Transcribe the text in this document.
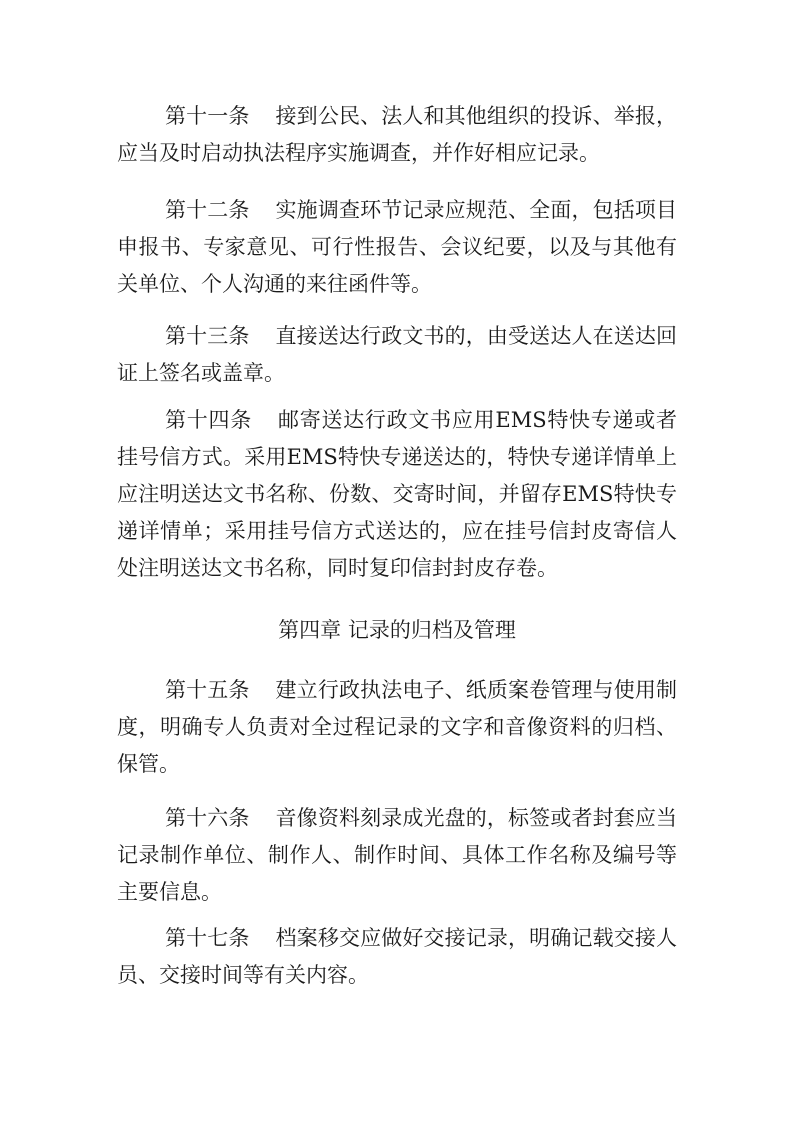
第十一条 接到公民、法人和其他组织的投诉、举报，应当及时启动执法程序实施调查，并作好相应记录。

第十二条 实施调查环节记录应规范、全面，包括项目申报书、专家意见、可行性报告、会议纪要，以及与其他有关单位、个人沟通的来往函件等。

第十三条 直接送达行政文书的，由受送达人在送达回证上签名或盖章。

第十四条 邮寄送达行政文书应用EMS特快专递或者挂号信方式。采用EMS特快专递送达的，特快专递详情单上应注明送达文书名称、份数、交寄时间，并留存EMS特快专递详情单；采用挂号信方式送达的，应在挂号信封皮寄信人处注明送达文书名称，同时复印信封封皮存卷。

第四章 记录的归档及管理

第十五条 建立行政执法电子、纸质案卷管理与使用制度，明确专人负责对全过程记录的文字和音像资料的归档、保管。

第十六条 音像资料刻录成光盘的，标签或者封套应当记录制作单位、制作人、制作时间、具体工作名称及编号等主要信息。

第十七条 档案移交应做好交接记录，明确记载交接人员、交接时间等有关内容。
